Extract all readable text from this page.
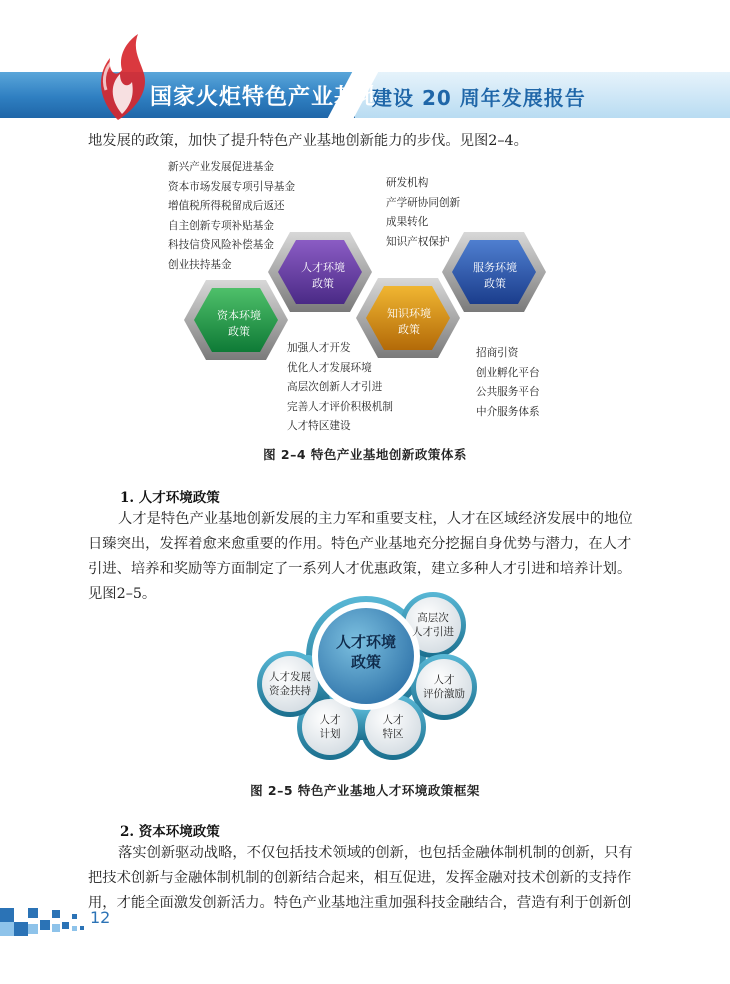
国家火炬特色产业基地
建设 20 周年发展报告
地发展的政策，加快了提升特色产业基地创新能力的步伐。见图2–4。
资本环境
政策
人才环境
政策
知识环境
政策
服务环境
政策
新兴产业发展促进基金
资本市场发展专项引导基金
增值税所得税留成后返还
自主创新专项补贴基金
科技信贷风险补偿基金
创业扶持基金
研发机构
产学研协同创新
成果转化
知识产权保护
加强人才开发
优化人才发展环境
高层次创新人才引进
完善人才评价积极机制
人才特区建设
招商引资
创业孵化平台
公共服务平台
中介服务体系
图 2–4 特色产业基地创新政策体系
1. 人才环境政策
人才是特色产业基地创新发展的主力军和重要支柱，人才在区域经济发展中的地位
日臻突出，发挥着愈来愈重要的作用。特色产业基地充分挖掘自身优势与潜力，在人才
引进、培养和奖励等方面制定了一系列人才优惠政策，建立多种人才引进和培养计划。
见图2–5。
人才环境
政策
高层次
人才引进
人才
评价激励
人才
特区
人才
计划
人才发展
资金扶持
图 2–5 特色产业基地人才环境政策框架
2. 资本环境政策
落实创新驱动战略，不仅包括技术领域的创新，也包括金融体制机制的创新，只有
把技术创新与金融体制机制的创新结合起来，相互促进，发挥金融对技术创新的支持作
用，才能全面激发创新活力。特色产业基地注重加强科技金融结合，营造有利于创新创
12
